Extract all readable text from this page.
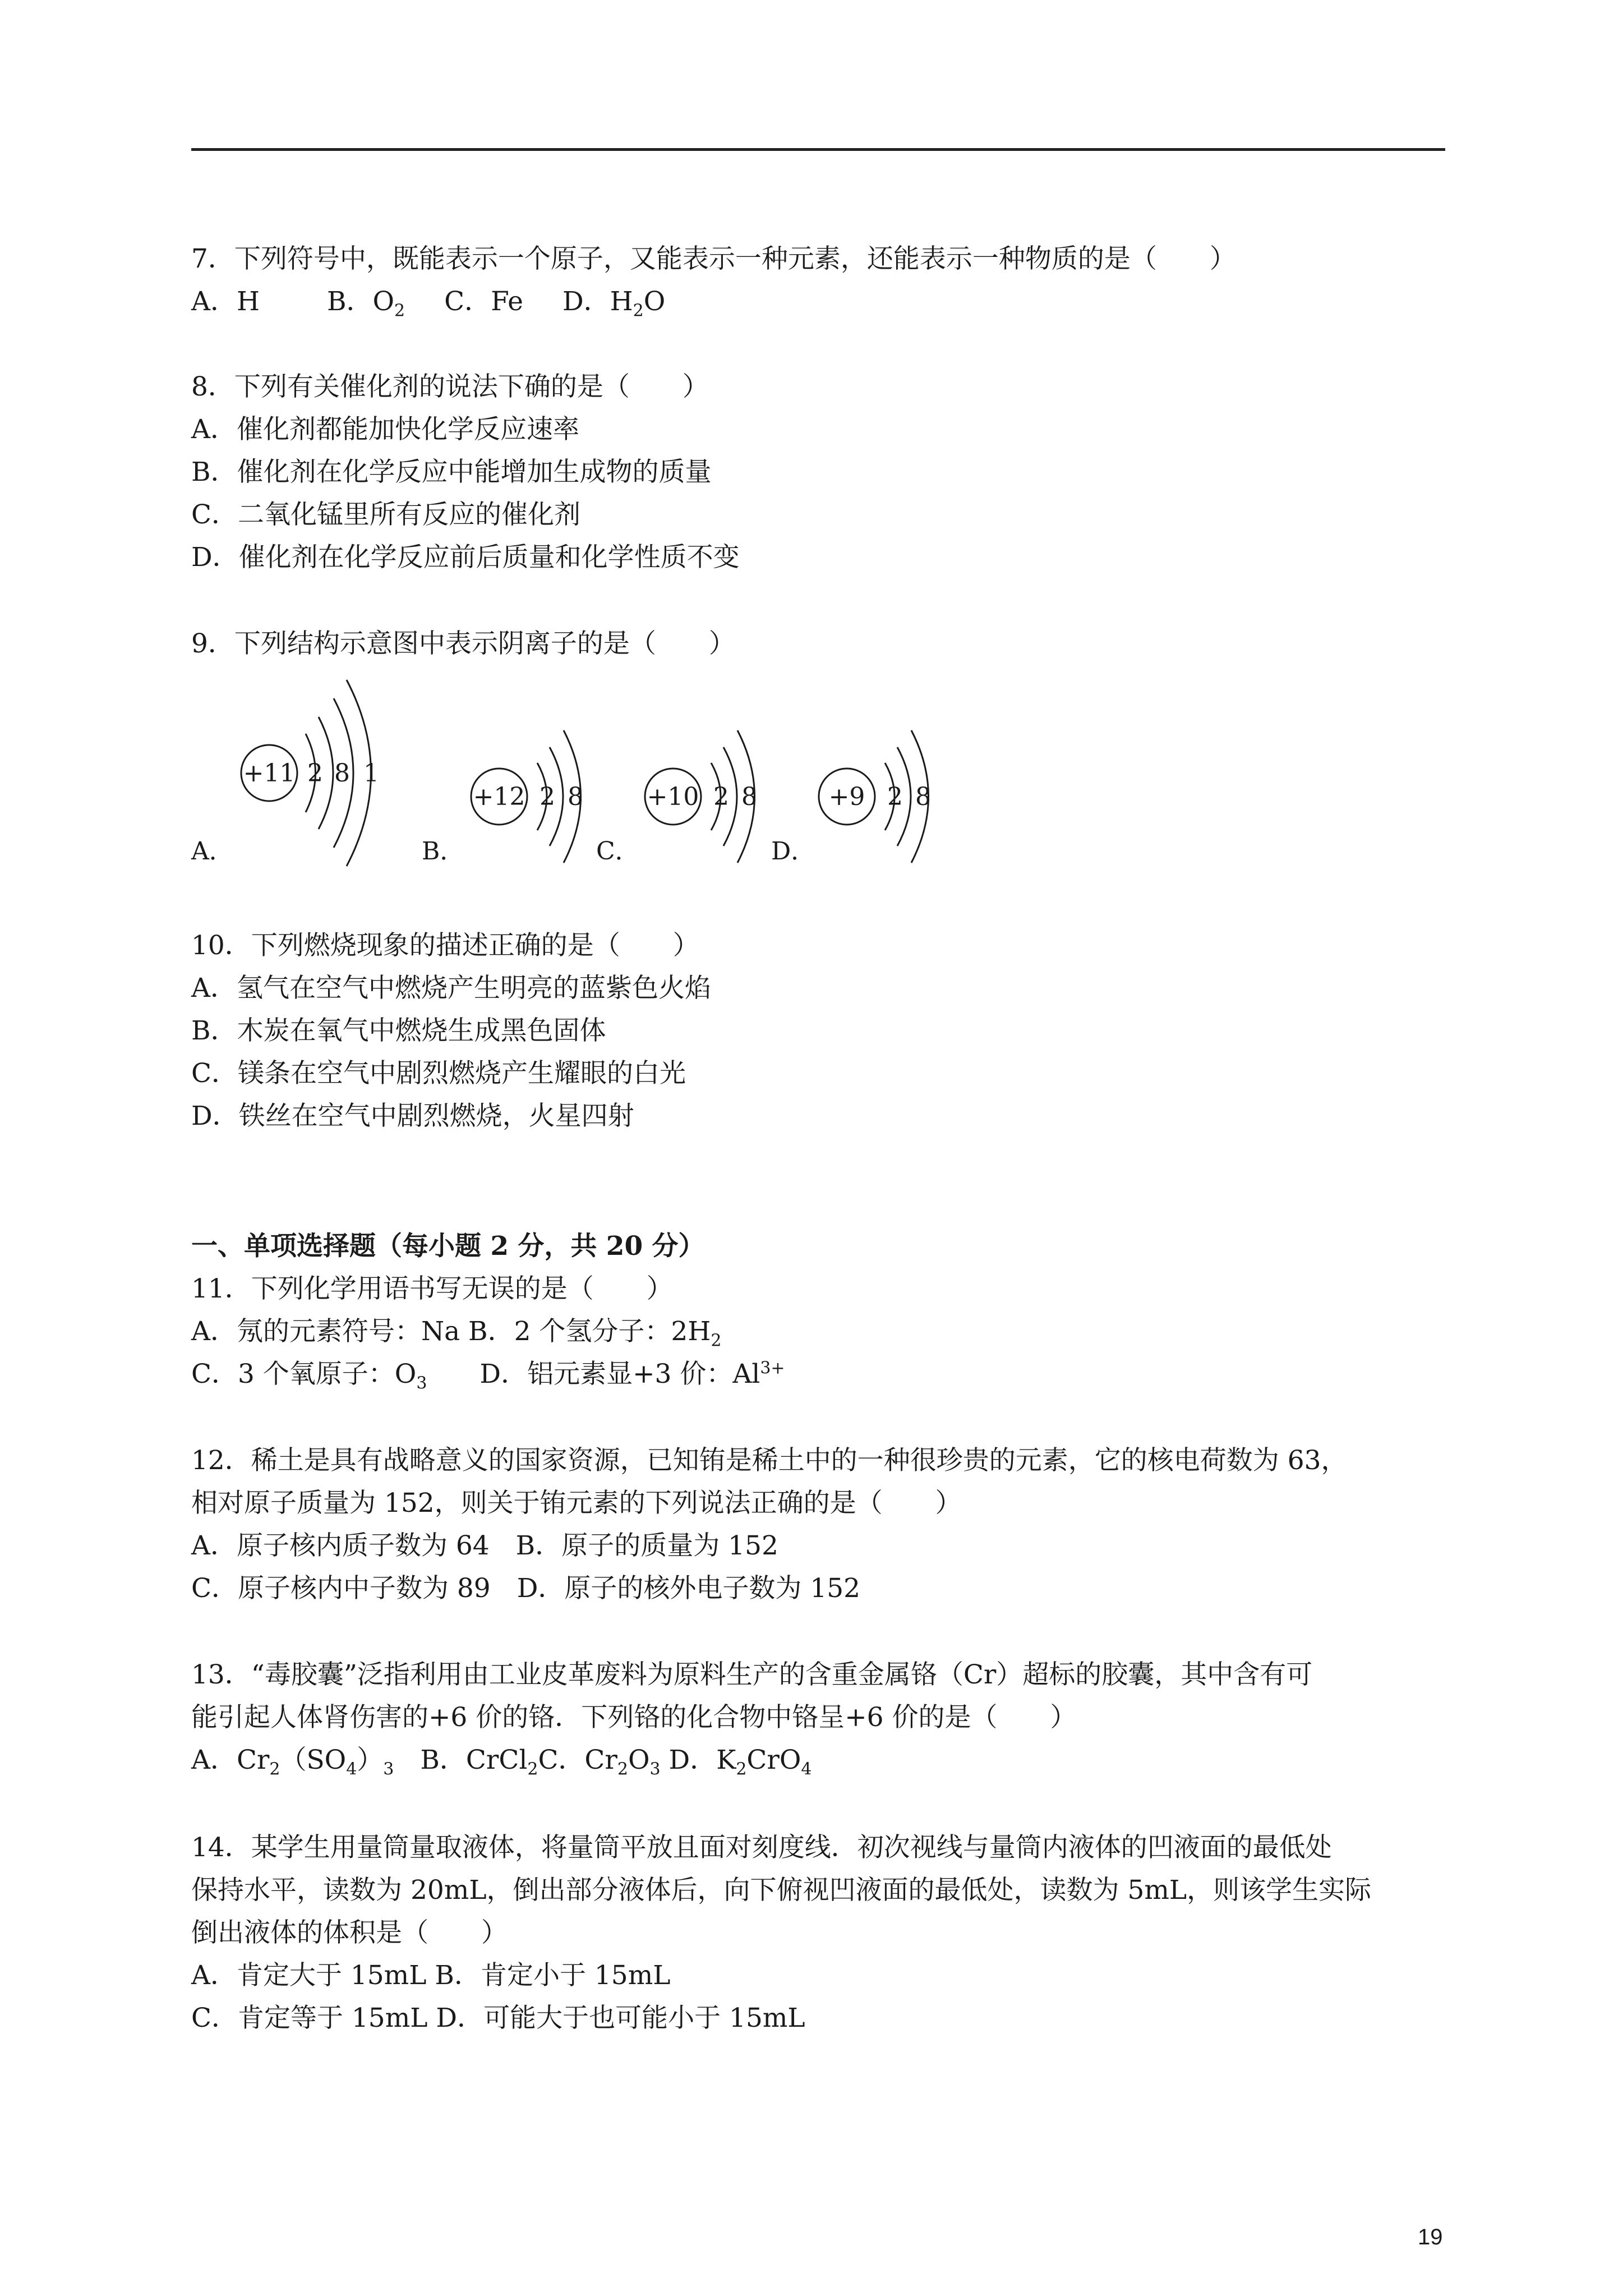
7．下列符号中，既能表示一个原子，又能表示一种元素，还能表示一种物质的是（　　）
A．H	B．$O_2$ C．Fe D．$H_2O$
8．下列有关催化剂的说法下确的是（　　）
A．催化剂都能加快化学反应速率
B．催化剂在化学反应中能增加生成物的质量
C．二氧化锰里所有反应的催化剂
D．催化剂在化学反应前后质量和化学性质不变
9．下列结构示意图中表示阴离子的是（　　）
A．
+11 2 8 1
B．
+12 2 8
C．
+10 2 8
D．
+9 2 8
10．下列燃烧现象的描述正确的是（　　）
A．氢气在空气中燃烧产生明亮的蓝紫色火焰
B．木炭在氧气中燃烧生成黑色固体
C．镁条在空气中剧烈燃烧产生耀眼的白光
D．铁丝在空气中剧烈燃烧，火星四射
一、单项选择题（每小题 2 分，共 20 分）
11．下列化学用语书写无误的是（　　）
A．氖的元素符号：Na B．2 个氢分子：$2H_2$
C．3 个氧原子：$O_3$　　D．铝元素显+3 价：$Al^{3+}$
12．稀土是具有战略意义的国家资源，已知铕是稀土中的一种很珍贵的元素，它的核电荷数为 63，
相对原子质量为 152，则关于铕元素的下列说法正确的是（　　）
A．原子核内质子数为 64　B．原子的质量为 152
C．原子核内中子数为 89　D．原子的核外电子数为 152
13．“毒胶囊”泛指利用由工业皮革废料为原料生产的含重金属铬（Cr）超标的胶囊，其中含有可
能引起人体肾伤害的+6 价的铬．下列铬的化合物中铬呈+6 价的是（　　）
A．$Cr_2(SO_4)_3$　B．CrCl$_2$C．$Cr_2O_3$ D．$K_2CrO_4$
14．某学生用量筒量取液体，将量筒平放且面对刻度线．初次视线与量筒内液体的凹液面的最低处
保持水平，读数为 20mL，倒出部分液体后，向下俯视凹液面的最低处，读数为 5mL，则该学生实际
倒出液体的体积是（　　）
A．肯定大于 15mL B．肯定小于 15mL
C．肯定等于 15mL D．可能大于也可能小于 15mL
19
